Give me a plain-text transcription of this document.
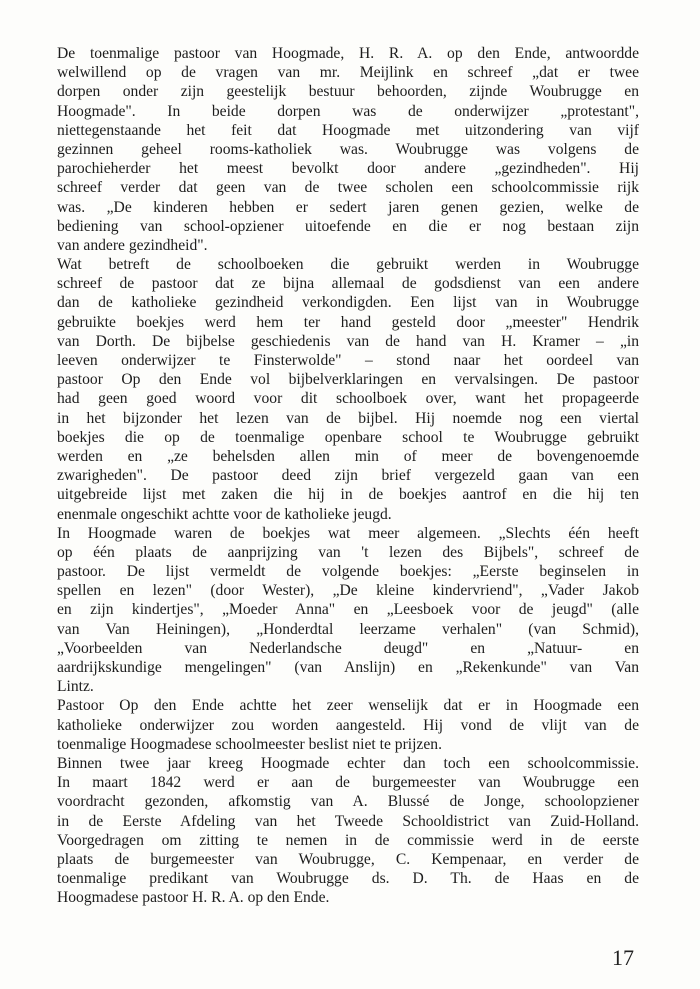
De toenmalige pastoor van Hoogmade, H. R. A. op den Ende, antwoordde
welwillend op de vragen van mr. Meijlink en schreef „dat er twee
dorpen onder zijn geestelijk bestuur behoorden, zijnde Woubrugge en
Hoogmade". In beide dorpen was de onderwijzer „protestant",
niettegenstaande het feit dat Hoogmade met uitzondering van vijf
gezinnen geheel rooms-katholiek was. Woubrugge was volgens de
parochieherder het meest bevolkt door andere „gezindheden". Hij
schreef verder dat geen van de twee scholen een schoolcommissie rijk
was. „De kinderen hebben er sedert jaren genen gezien, welke de
bediening van school-opziener uitoefende en die er nog bestaan zijn
van andere gezindheid".
Wat betreft de schoolboeken die gebruikt werden in Woubrugge
schreef de pastoor dat ze bijna allemaal de godsdienst van een andere
dan de katholieke gezindheid verkondigden. Een lijst van in Woubrugge
gebruikte boekjes werd hem ter hand gesteld door „meester" Hendrik
van Dorth. De bijbelse geschiedenis van de hand van H. Kramer – „in
leeven onderwijzer te Finsterwolde" – stond naar het oordeel van
pastoor Op den Ende vol bijbelverklaringen en vervalsingen. De pastoor
had geen goed woord voor dit schoolboek over, want het propageerde
in het bijzonder het lezen van de bijbel. Hij noemde nog een viertal
boekjes die op de toenmalige openbare school te Woubrugge gebruikt
werden en „ze behelsden allen min of meer de bovengenoemde
zwarigheden". De pastoor deed zijn brief vergezeld gaan van een
uitgebreide lijst met zaken die hij in de boekjes aantrof en die hij ten
enenmale ongeschikt achtte voor de katholieke jeugd.
In Hoogmade waren de boekjes wat meer algemeen. „Slechts één heeft
op één plaats de aanprijzing van 't lezen des Bijbels", schreef de
pastoor. De lijst vermeldt de volgende boekjes: „Eerste beginselen in
spellen en lezen" (door Wester), „De kleine kindervriend", „Vader Jakob
en zijn kindertjes", „Moeder Anna" en „Leesboek voor de jeugd" (alle
van Van Heiningen), „Honderdtal leerzame verhalen" (van Schmid),
„Voorbeelden van Nederlandsche deugd" en „Natuur- en
aardrijkskundige mengelingen" (van Anslijn) en „Rekenkunde" van Van
Lintz.
Pastoor Op den Ende achtte het zeer wenselijk dat er in Hoogmade een
katholieke onderwijzer zou worden aangesteld. Hij vond de vlijt van de
toenmalige Hoogmadese schoolmeester beslist niet te prijzen.
Binnen twee jaar kreeg Hoogmade echter dan toch een schoolcommissie.
In maart 1842 werd er aan de burgemeester van Woubrugge een
voordracht gezonden, afkomstig van A. Blussé de Jonge, schoolopziener
in de Eerste Afdeling van het Tweede Schooldistrict van Zuid-Holland.
Voorgedragen om zitting te nemen in de commissie werd in de eerste
plaats de burgemeester van Woubrugge, C. Kempenaar, en verder de
toenmalige predikant van Woubrugge ds. D. Th. de Haas en de
Hoogmadese pastoor H. R. A. op den Ende.
17
